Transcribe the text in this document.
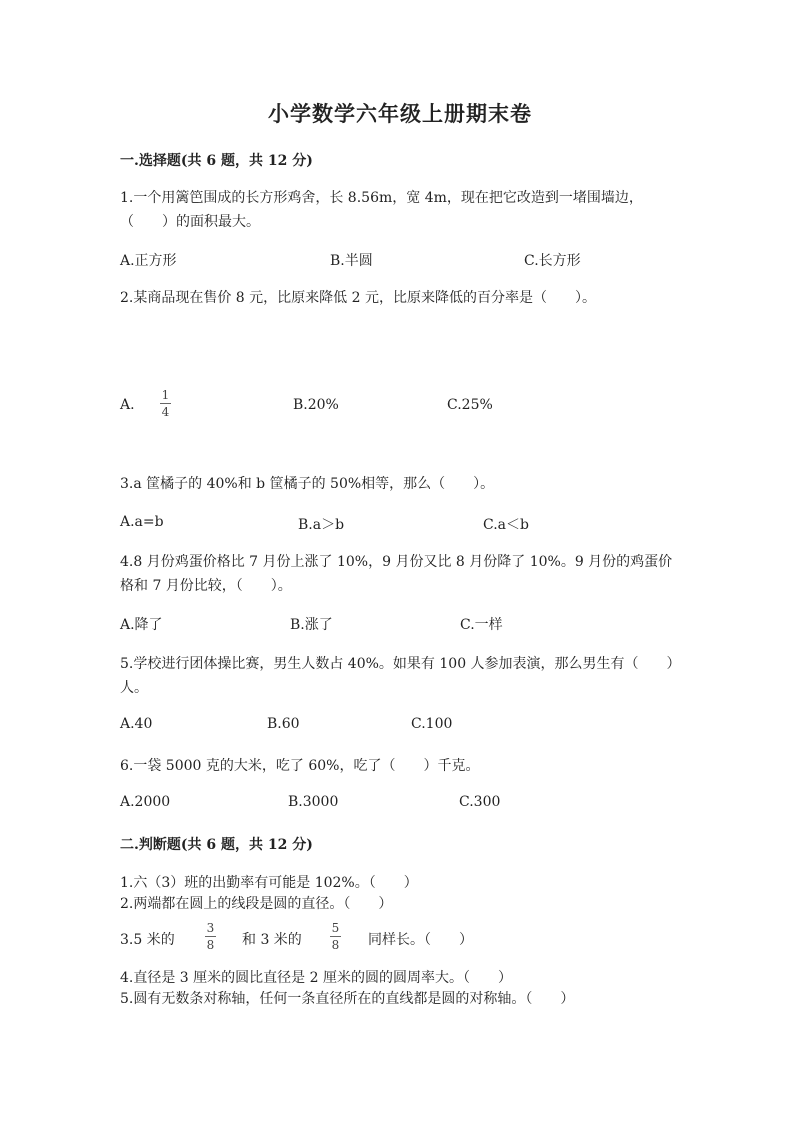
小学数学六年级上册期末卷
一.选择题(共 6 题，共 12 分)
1.一个用篱笆围成的长方形鸡舍，长 8.56m，宽 4m，现在把它改造到一堵围墙边，（　　）的面积最大。
A.正方形	B.半圆	C.长方形
2.某商品现在售价 8 元，比原来降低 2 元，比原来降低的百分率是（　　）。
A.
1
4	B.20%	C.25%
3.a 筐橘子的 40%和 b 筐橘子的 50%相等，那么（　　）。
A.a=b	B.a＞b	C.a＜b
4.8 月份鸡蛋价格比 7 月份上涨了 10%，9 月份又比 8 月份降了 10%。9 月份的鸡蛋价格和 7 月份比较，（　　）。
A.降了	B.涨了	C.一样
5.学校进行团体操比赛，男生人数占 40%。如果有 100 人参加表演，那么男生有（　　）人。
A.40	B.60	C.100
6.一袋 5000 克的大米，吃了 60%，吃了（　　）千克。
A.2000	B.3000	C.300
二.判断题(共 6 题，共 12 分)
1.六（3）班的出勤率有可能是 102%。（　　）
2.两端都在圆上的线段是圆的直径。（　　）
3.5 米的
3
8 和 3 米的
5
8 同样长。（　　）
4.直径是 3 厘米的圆比直径是 2 厘米的圆的圆周率大。（　　）
5.圆有无数条对称轴，任何一条直径所在的直线都是圆的对称轴。（　　）
